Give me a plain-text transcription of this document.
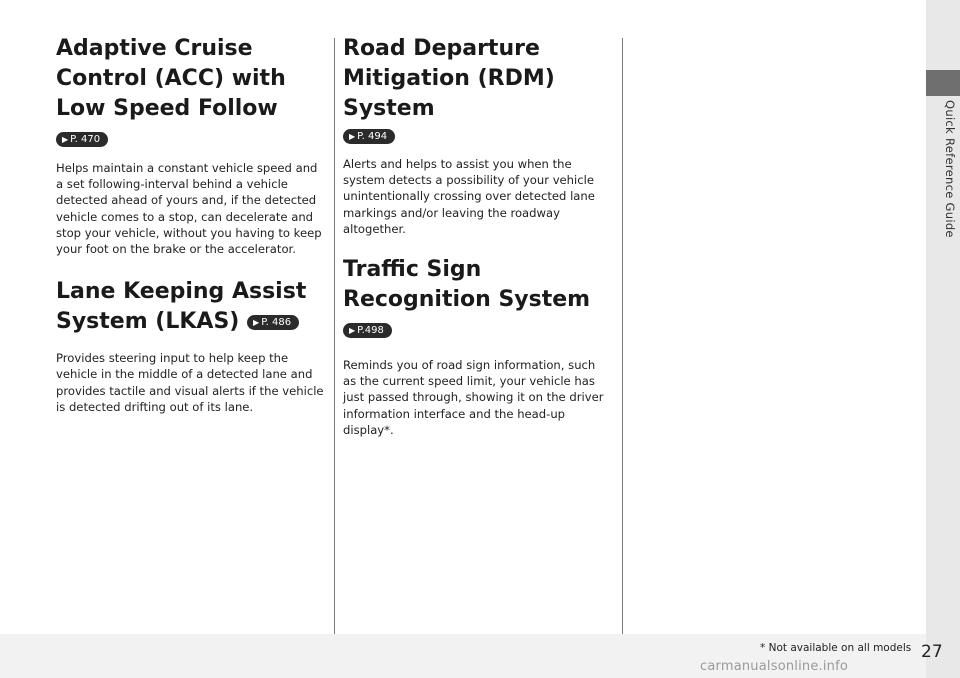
Quick Reference Guide
Adaptive Cruise Control (ACC) with Low Speed Follow ▶ P. 470

Helps maintain a constant vehicle speed and a set following-interval behind a vehicle detected ahead of yours and, if the detected vehicle comes to a stop, can decelerate and stop your vehicle, without you having to keep your foot on the brake or the accelerator.

Lane Keeping Assist System (LKAS) ▶ P. 486

Provides steering input to help keep the vehicle in the middle of a detected lane and provides tactile and visual alerts if the vehicle is detected drifting out of its lane.

Road Departure Mitigation (RDM) System
▶ P. 494

Alerts and helps to assist you when the system detects a possibility of your vehicle unintentionally crossing over detected lane markings and/or leaving the roadway altogether.

Traffic Sign Recognition System ▶ P.498

Reminds you of road sign information, such as the current speed limit, your vehicle has just passed through, showing it on the driver information interface and the head-up display*.

* Not available on all models 27
carmanualsonline.info
